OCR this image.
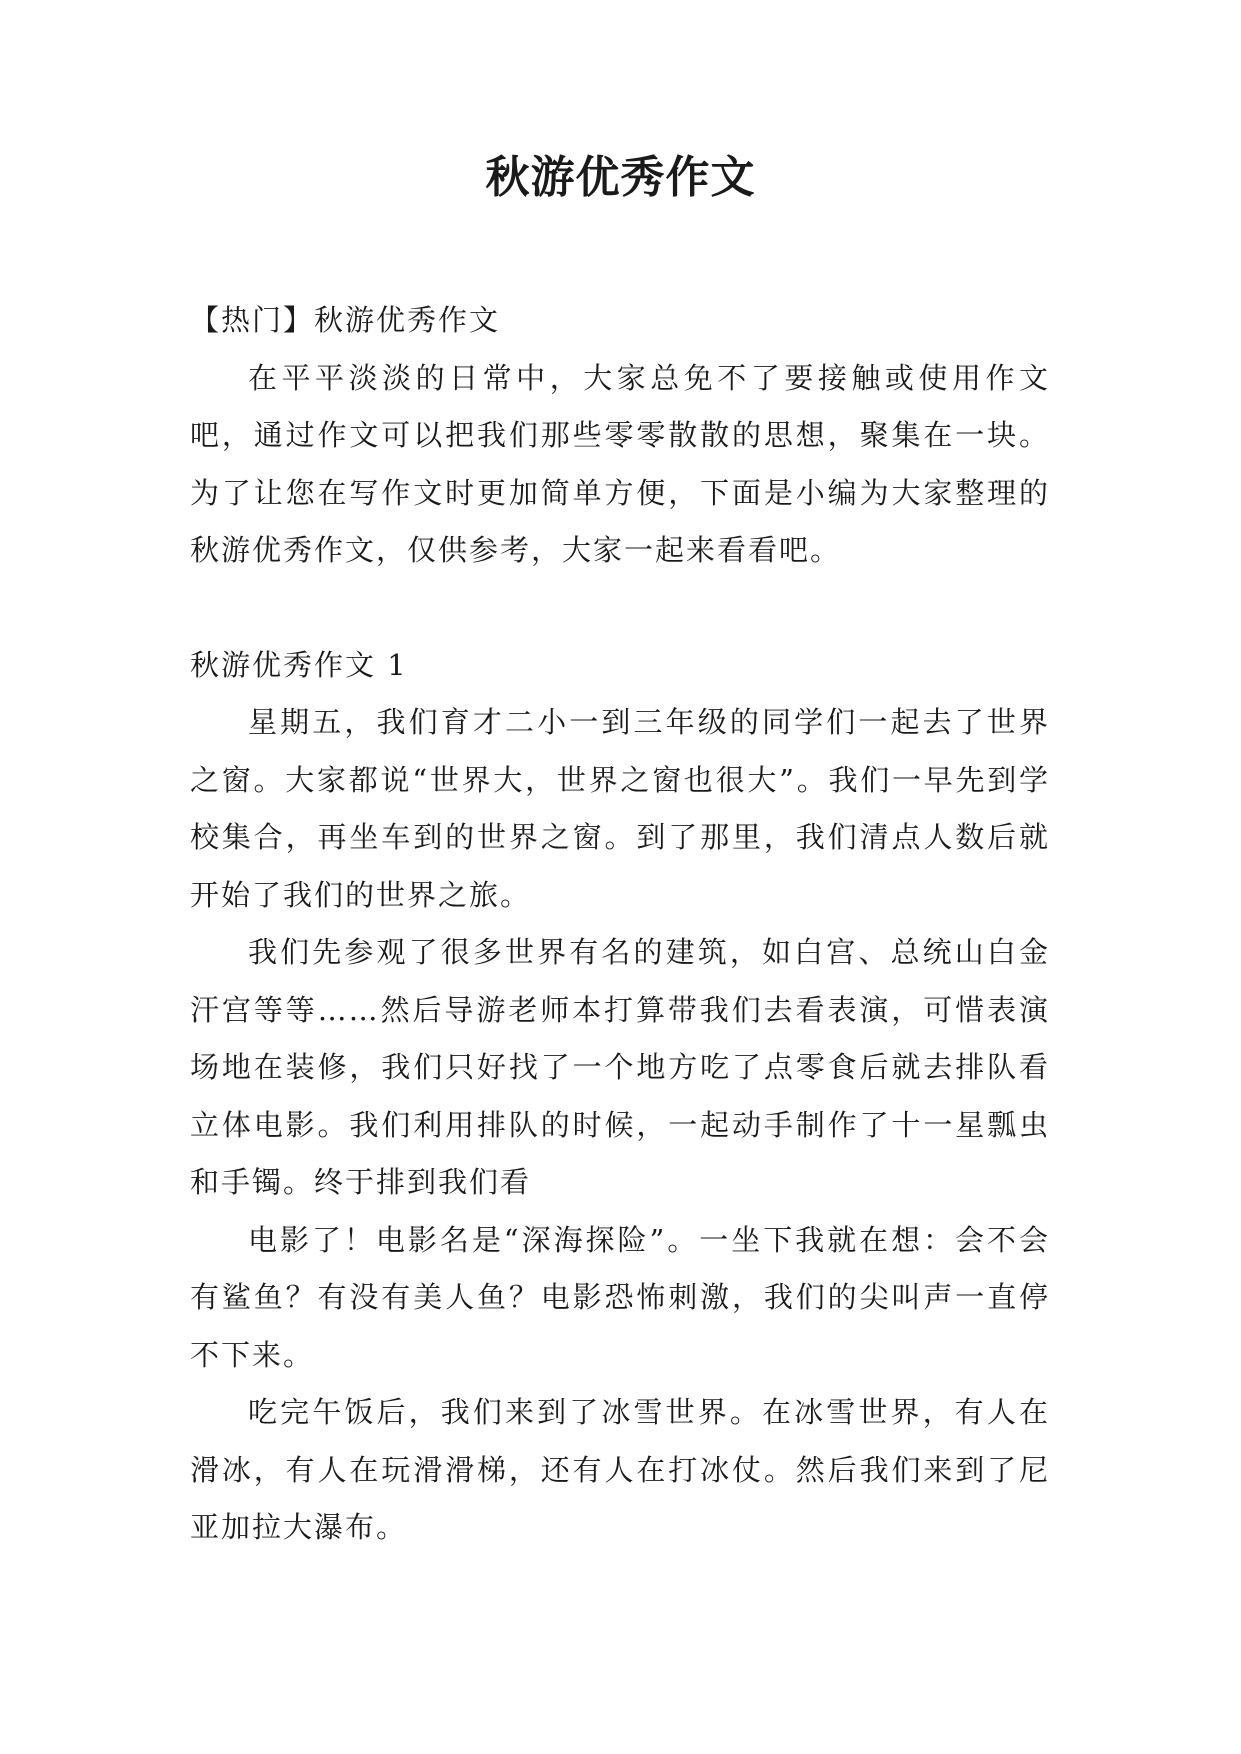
秋游优秀作文

【热门】秋游优秀作文

在平平淡淡的日常中，大家总免不了要接触或使用作文吧，通过作文可以把我们那些零零散散的思想，聚集在一块。为了让您在写作文时更加简单方便，下面是小编为大家整理的秋游优秀作文，仅供参考，大家一起来看看吧。

秋游优秀作文 1

星期五，我们育才二小一到三年级的同学们一起去了世界之窗。大家都说“世界大，世界之窗也很大”。我们一早先到学校集合，再坐车到的世界之窗。到了那里，我们清点人数后就开始了我们的世界之旅。

我们先参观了很多世界有名的建筑，如白宫、总统山白金汗宫等等……然后导游老师本打算带我们去看表演，可惜表演场地在装修，我们只好找了一个地方吃了点零食后就去排队看立体电影。我们利用排队的时候，一起动手制作了十一星瓢虫和手镯。终于排到我们看

电影了！电影名是“深海探险”。一坐下我就在想：会不会有鲨鱼？有没有美人鱼？电影恐怖刺激，我们的尖叫声一直停不下来。

吃完午饭后，我们来到了冰雪世界。在冰雪世界，有人在滑冰，有人在玩滑滑梯，还有人在打冰仗。然后我们来到了尼亚加拉大瀑布。
